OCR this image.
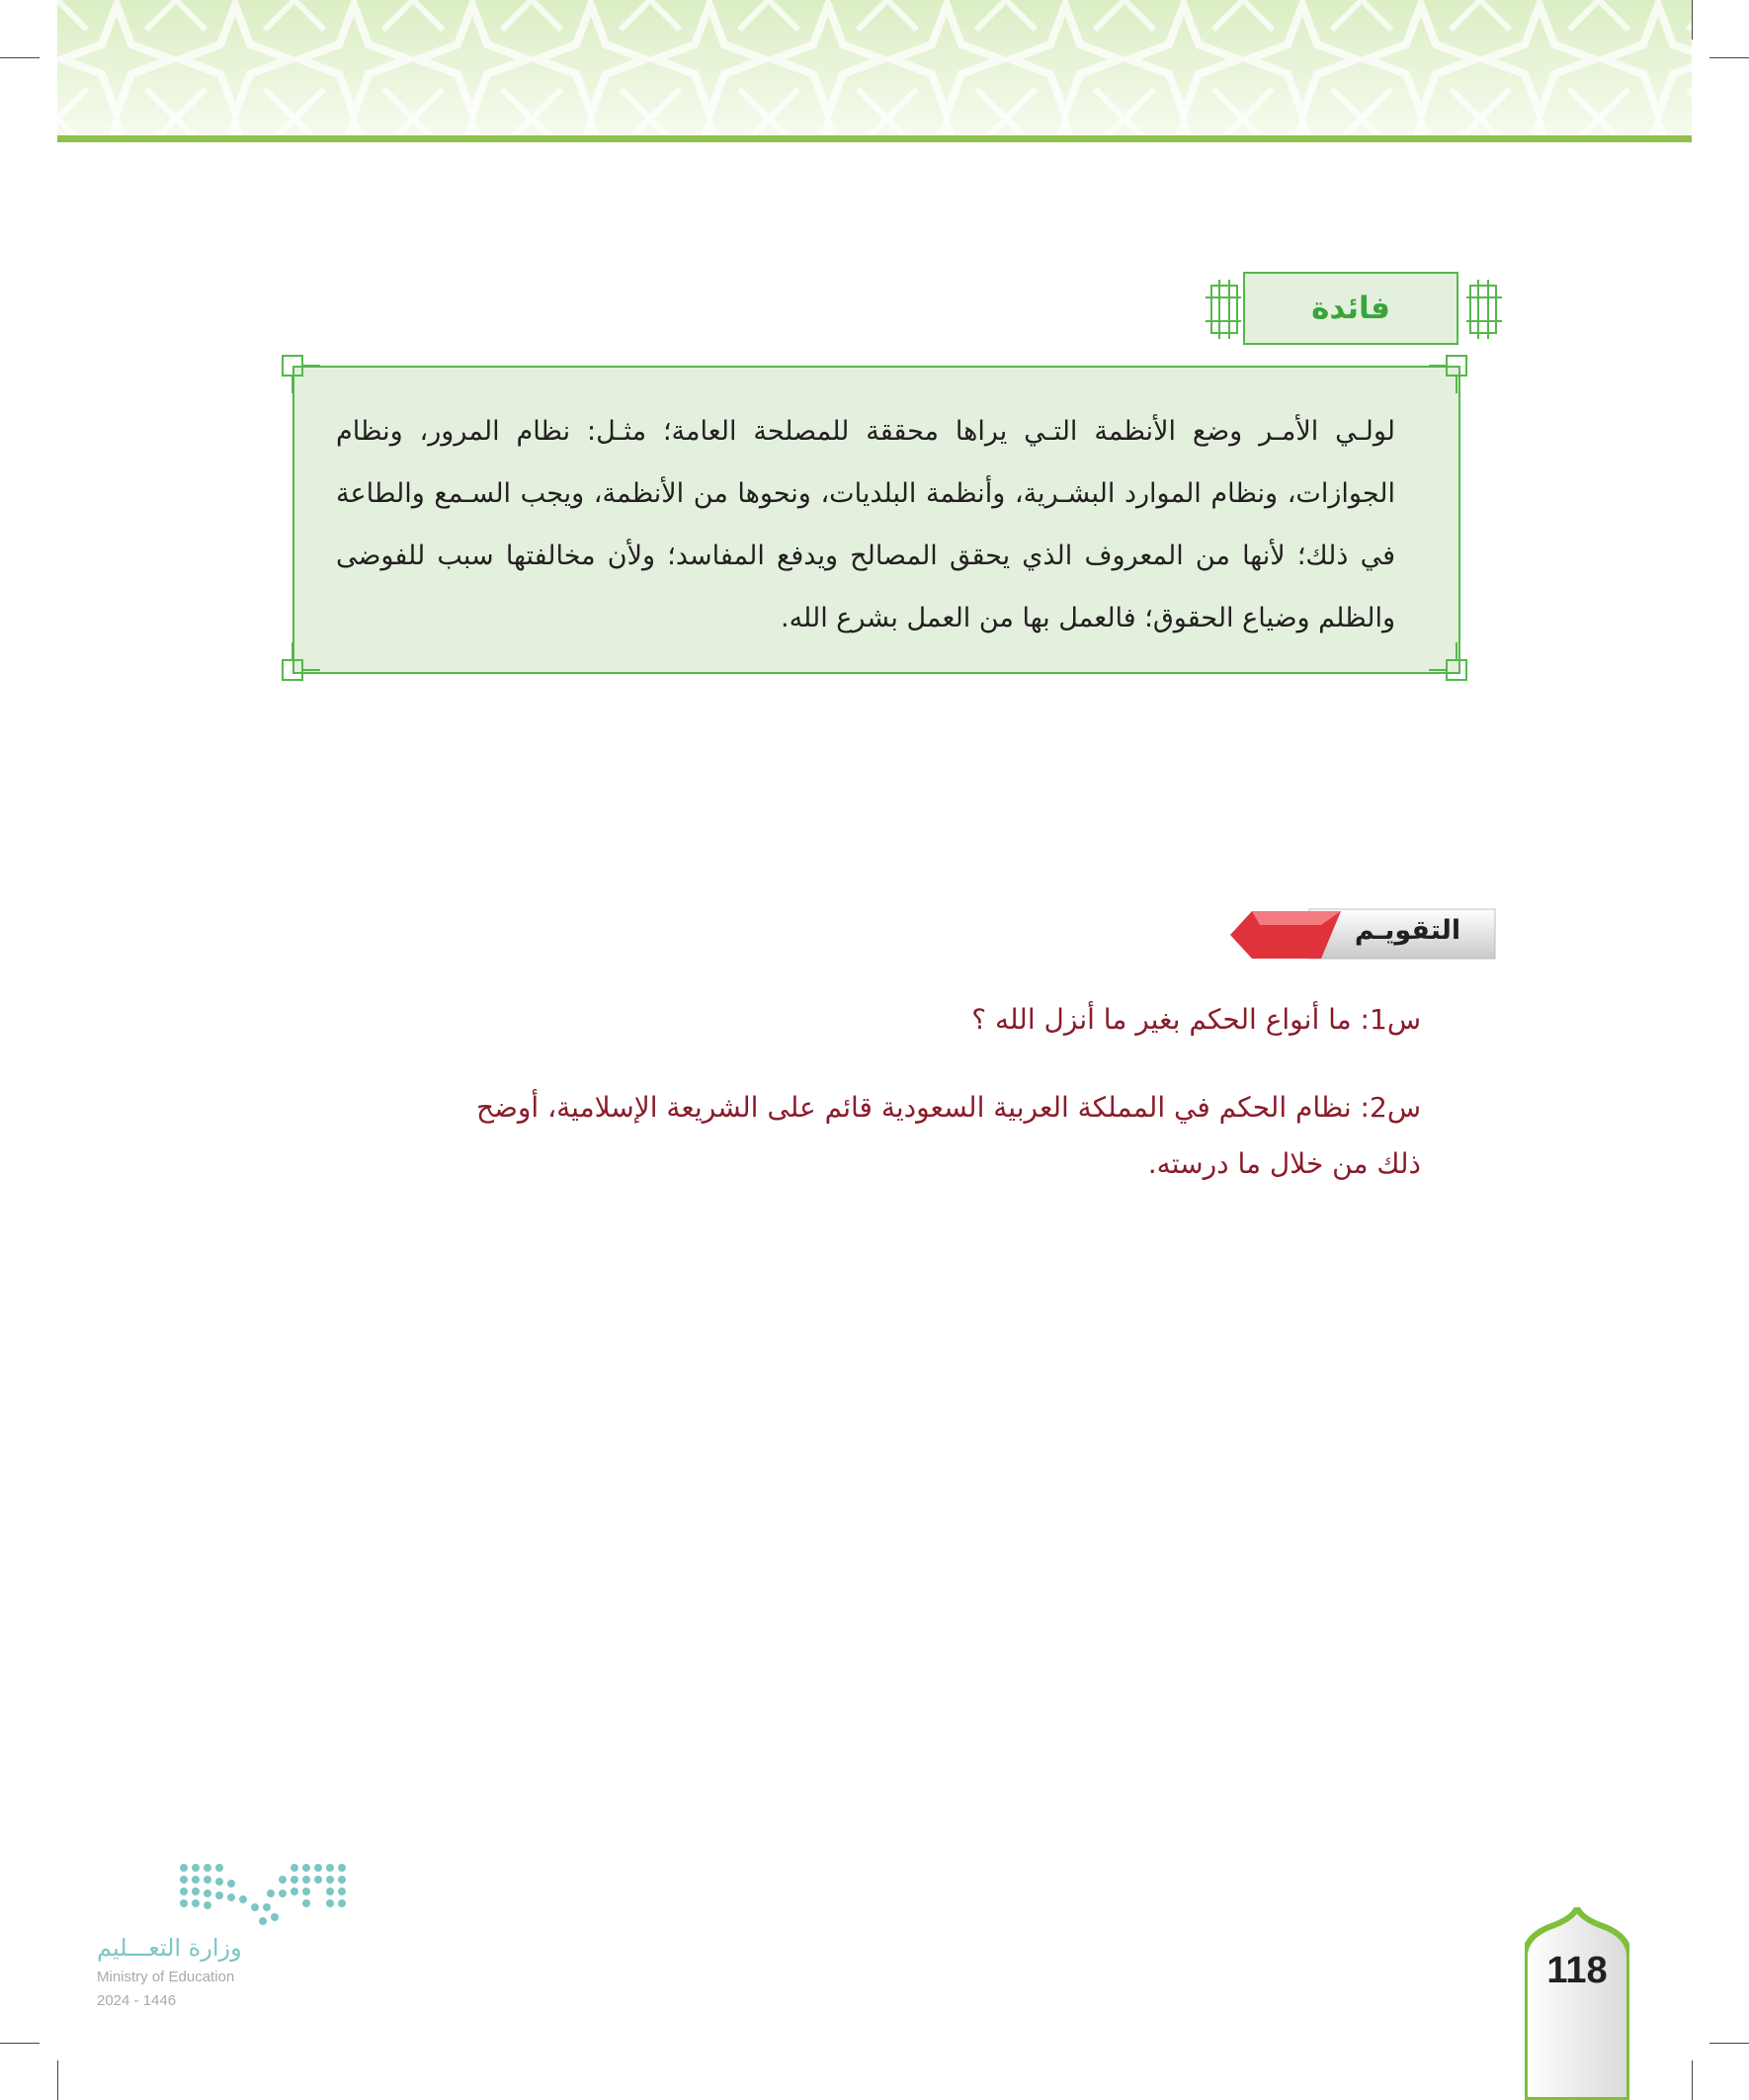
فائدة
لولـي الأمـر وضع الأنظمة التـي يراها محققة للمصلحة العامة؛ مثـل: نظام المرور، ونظام الجوازات، ونظام الموارد البشـرية، وأنظمة البلديات، ونحوها من الأنظمة، ويجب السـمع والطاعة في ذلك؛ لأنها من المعروف الذي يحقق المصالح ويدفع المفاسد؛ ولأن مخالفتها سبب للفوضى والظلم وضياع الحقوق؛ فالعمل بها من العمل بشرع الله.
التقويـم
س1: ما أنواع الحكم بغير ما أنزل الله ؟
س2: نظام الحكم في المملكة العربية السعودية قائم على الشريعة الإسلامية، أوضح ذلك من خلال ما درسته.
وزارة التعـــليم
Ministry of Education
2024 - 1446
118
